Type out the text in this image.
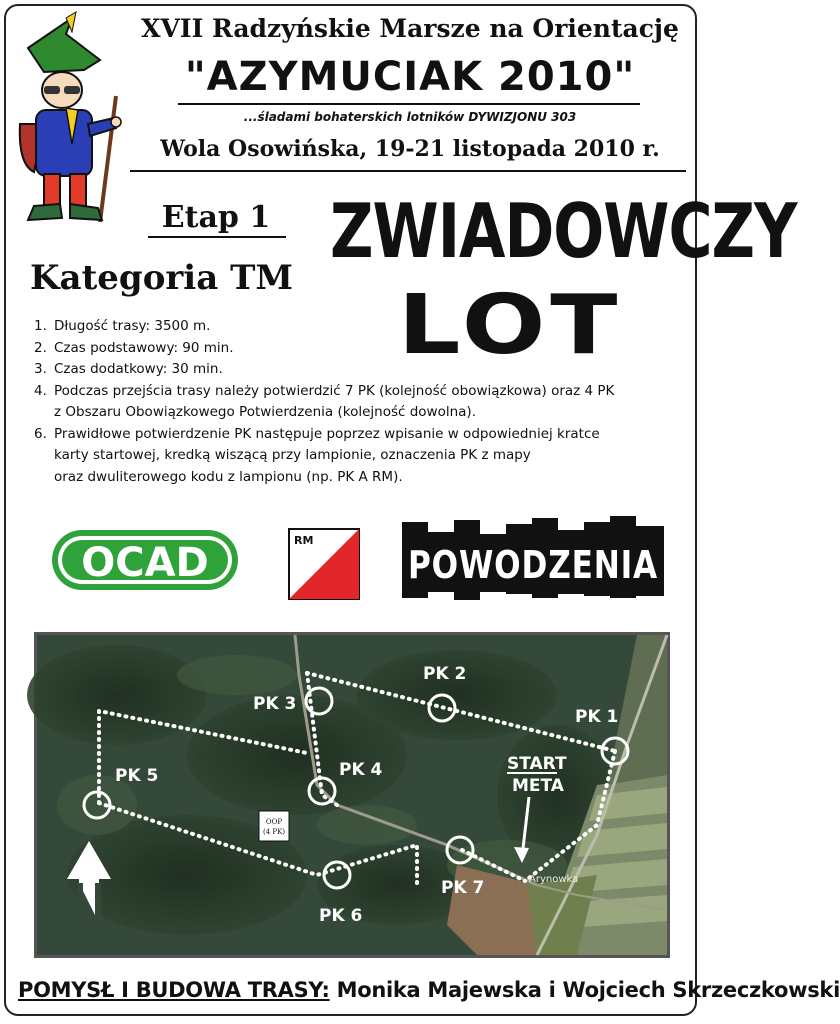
XVII Radzyńskie Marsze na Orientację
"AZYMUCIAK 2010"
...śladami bohaterskich lotników DYWIZJONU 303
Wola Osowińska, 19-21 listopada 2010 r.
Etap 1
Kategoria TM
ZWIADOWCZY
LOT
1. Długość trasy: 3500 m.
2. Czas podstawowy: 90 min.
3. Czas dodatkowy: 30 min.
4. Podczas przejścia trasy należy potwierdzić 7 PK (kolejność obowiązkowa) oraz 4 PK
z Obszaru Obowiązkowego Potwierdzenia (kolejność dowolna).
6. Prawidłowe potwierdzenie PK następuje poprzez wpisanie w odpowiedniej kratce
karty startowej, kredką wiszącą przy lampionie, oznaczenia PK z mapy
oraz dwuliterowego kodu z lampionu (np. PK A RM).
OCAD	RM
POWODZENIA
PK 1
PK 2
PK 3
PK 4
PK 5
PK 6
PK 7
START
META
OOP
(4 PK)
Arynowka
POMYSŁ I BUDOWA TRASY: Monika Majewska i Wojciech Skrzeczkowski
